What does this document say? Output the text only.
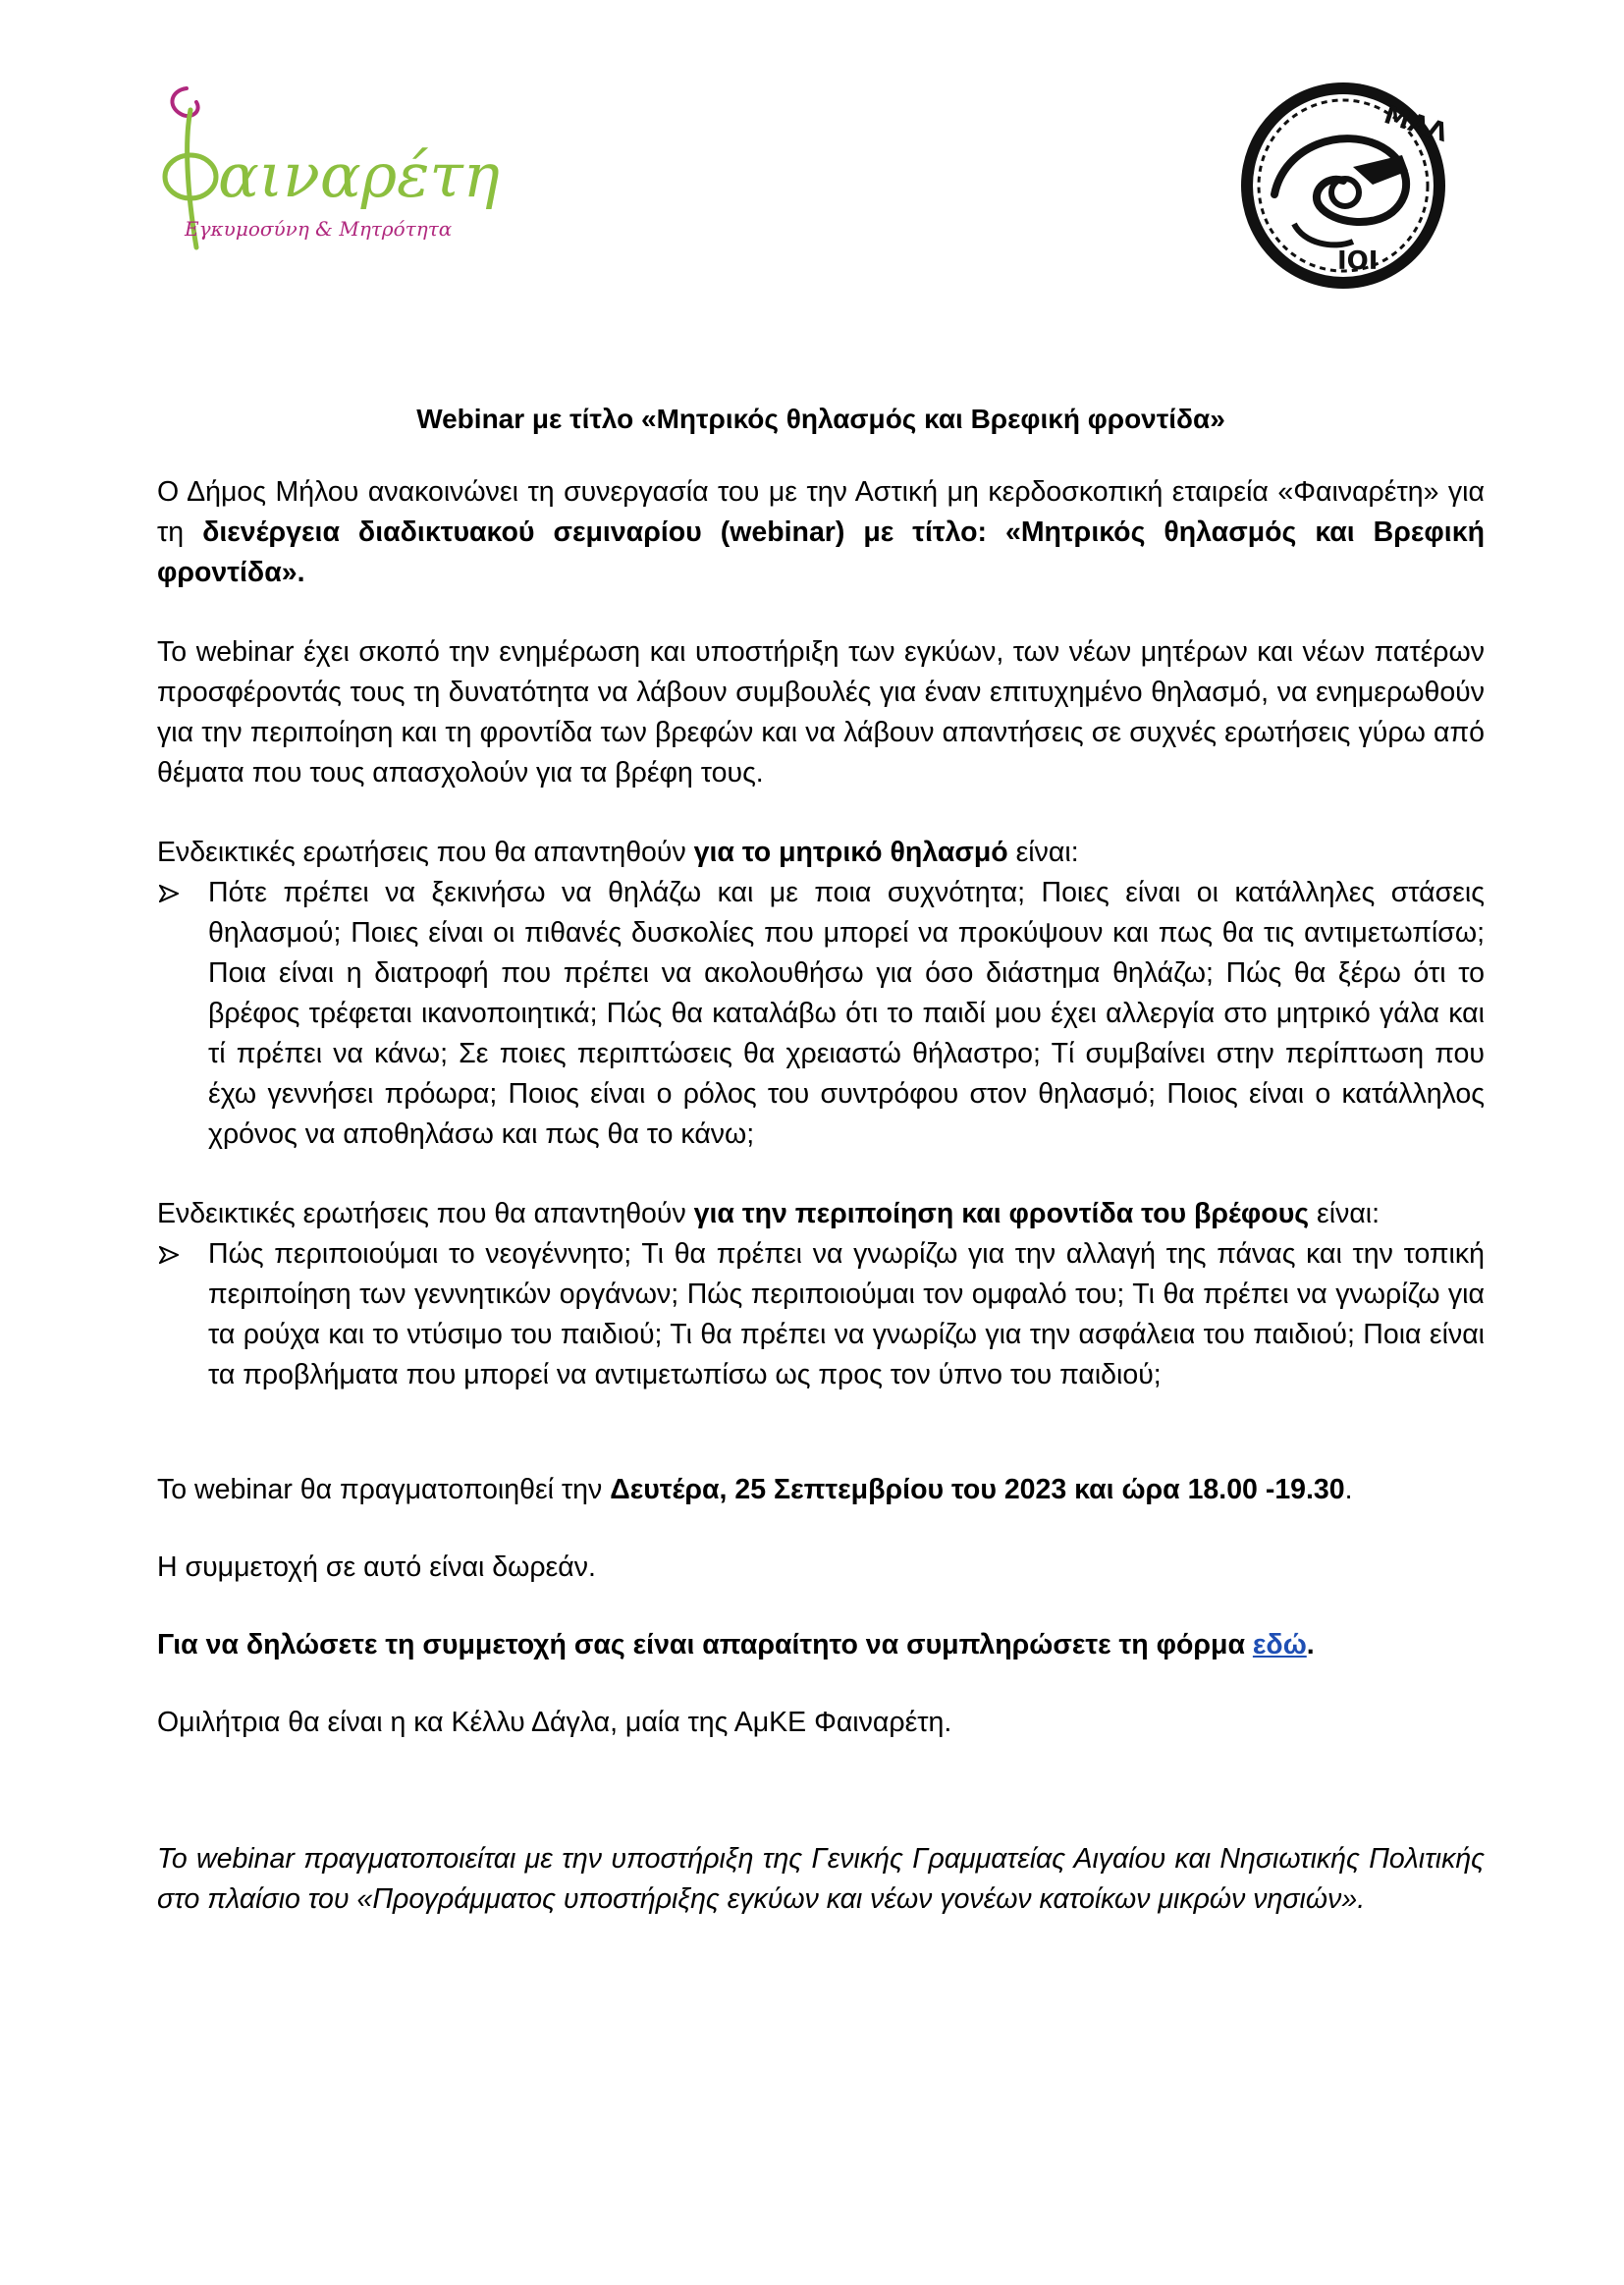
αιναρέτη
Εγκυμοσύνη & Μητρότητα
ΜΑΛ
ΙΟΙ

Webinar με τίτλο «Μητρικός θηλασμός και Βρεφική φροντίδα»

Ο Δήμος Μήλου ανακοινώνει τη συνεργασία του με την Αστική μη κερδοσκοπική εταιρεία «Φαιναρέτη» για τη διενέργεια διαδικτυακού σεμιναρίου (webinar) με τίτλο: «Μητρικός θηλασμός και Βρεφική φροντίδα».

Το webinar έχει σκοπό την ενημέρωση και υποστήριξη των εγκύων, των νέων μητέρων και νέων πατέρων προσφέροντάς τους τη δυνατότητα να λάβουν συμβουλές για έναν επιτυχημένο θηλασμό, να ενημερωθούν για την περιποίηση και τη φροντίδα των βρεφών και να λάβουν απαντήσεις σε συχνές ερωτήσεις γύρω από θέματα που τους απασχολούν για τα βρέφη τους.

Ενδεικτικές ερωτήσεις που θα απαντηθούν για το μητρικό θηλασμό είναι:

Πότε πρέπει να ξεκινήσω να θηλάζω και με ποια συχνότητα; Ποιες είναι οι κατάλληλες στάσεις θηλασμού; Ποιες είναι οι πιθανές δυσκολίες που μπορεί να προκύψουν και πως θα τις αντιμετωπίσω; Ποια είναι η διατροφή που πρέπει να ακολουθήσω για όσο διάστημα θηλάζω; Πώς θα ξέρω ότι το βρέφος τρέφεται ικανοποιητικά; Πώς θα καταλάβω ότι το παιδί μου έχει αλλεργία στο μητρικό γάλα και τί πρέπει να κάνω; Σε ποιες περιπτώσεις θα χρειαστώ θήλαστρο; Τί συμβαίνει στην περίπτωση που έχω γεννήσει πρόωρα; Ποιος είναι ο ρόλος του συντρόφου στον θηλασμό; Ποιος είναι ο κατάλληλος χρόνος να αποθηλάσω και πως θα το κάνω;

Ενδεικτικές ερωτήσεις που θα απαντηθούν για την περιποίηση και φροντίδα του βρέφους είναι:

Πώς περιποιούμαι το νεογέννητο; Τι θα πρέπει να γνωρίζω για την αλλαγή της πάνας και την τοπική περιποίηση των γεννητικών οργάνων; Πώς περιποιούμαι τον ομφαλό του; Τι θα πρέπει να γνωρίζω για τα ρούχα και το ντύσιμο του παιδιού; Τι θα πρέπει να γνωρίζω για την ασφάλεια του παιδιού; Ποια είναι τα προβλήματα που μπορεί να αντιμετωπίσω ως προς τον ύπνο του παιδιού;

Το webinar θα πραγματοποιηθεί την Δευτέρα, 25 Σεπτεμβρίου του 2023 και ώρα 18.00 -19.30.

Η συμμετοχή σε αυτό είναι δωρεάν.

Για να δηλώσετε τη συμμετοχή σας είναι απαραίτητο να συμπληρώσετε τη φόρμα εδώ.

Ομιλήτρια θα είναι η κα Κέλλυ Δάγλα, μαία της ΑμΚΕ Φαιναρέτη.

Το webinar πραγματοποιείται με την υποστήριξη της Γενικής Γραμματείας Αιγαίου και Νησιωτικής Πολιτικής στο πλαίσιο του «Προγράμματος υποστήριξης εγκύων και νέων γονέων κατοίκων μικρών νησιών».
